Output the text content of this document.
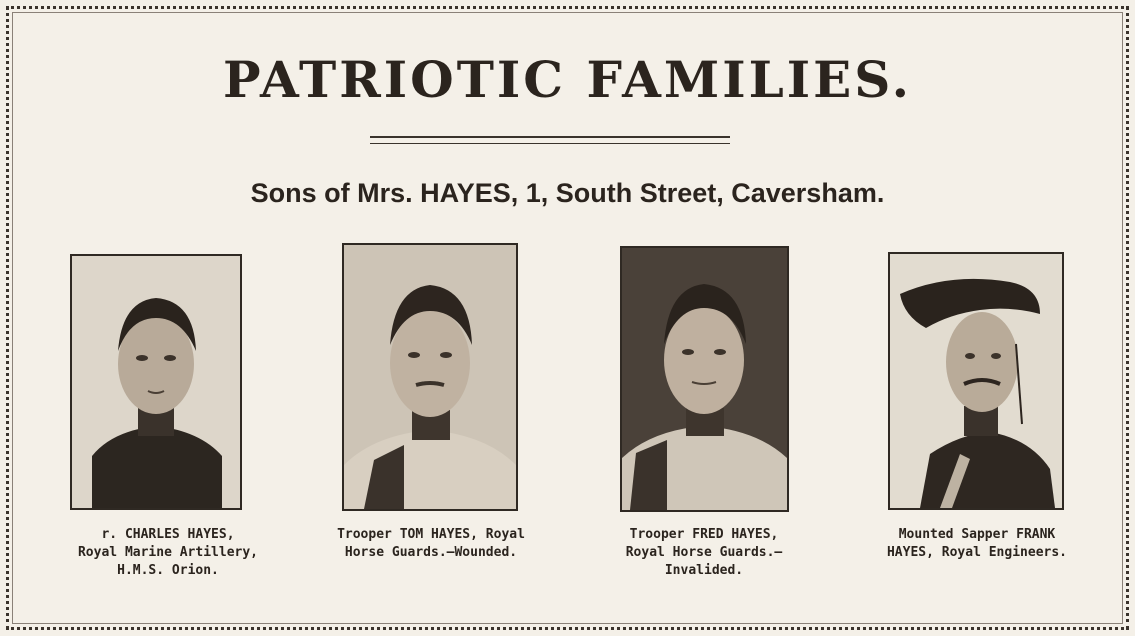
PATRIOTIC FAMILIES.
Sons of Mrs. HAYES, 1, South Street, Caversham.
r. CHARLES HAYES,
Royal Marine Artillery,
H.M.S. Orion.
Trooper TOM HAYES, Royal
Horse Guards.—Wounded.
Trooper FRED HAYES,
Royal Horse Guards.—
Invalided.
Mounted Sapper FRANK
HAYES, Royal Engineers.
